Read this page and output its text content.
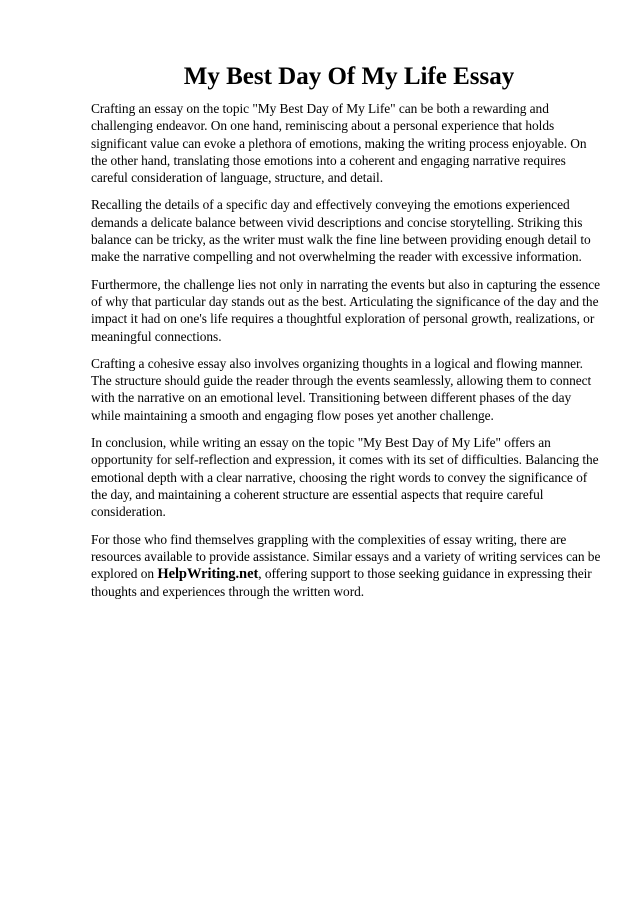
My Best Day Of My Life Essay

Crafting an essay on the topic "My Best Day of My Life" can be both a rewarding and challenging endeavor. On one hand, reminiscing about a personal experience that holds significant value can evoke a plethora of emotions, making the writing process enjoyable. On the other hand, translating those emotions into a coherent and engaging narrative requires careful consideration of language, structure, and detail.

Recalling the details of a specific day and effectively conveying the emotions experienced demands a delicate balance between vivid descriptions and concise storytelling. Striking this balance can be tricky, as the writer must walk the fine line between providing enough detail to make the narrative compelling and not overwhelming the reader with excessive information.

Furthermore, the challenge lies not only in narrating the events but also in capturing the essence of why that particular day stands out as the best. Articulating the significance of the day and the impact it had on one's life requires a thoughtful exploration of personal growth, realizations, or meaningful connections.

Crafting a cohesive essay also involves organizing thoughts in a logical and flowing manner. The structure should guide the reader through the events seamlessly, allowing them to connect with the narrative on an emotional level. Transitioning between different phases of the day while maintaining a smooth and engaging flow poses yet another challenge.

In conclusion, while writing an essay on the topic "My Best Day of My Life" offers an opportunity for self-reflection and expression, it comes with its set of difficulties. Balancing the emotional depth with a clear narrative, choosing the right words to convey the significance of the day, and maintaining a coherent structure are essential aspects that require careful consideration.

For those who find themselves grappling with the complexities of essay writing, there are resources available to provide assistance. Similar essays and a variety of writing services can be explored on HelpWriting.net, offering support to those seeking guidance in expressing their thoughts and experiences through the written word.
